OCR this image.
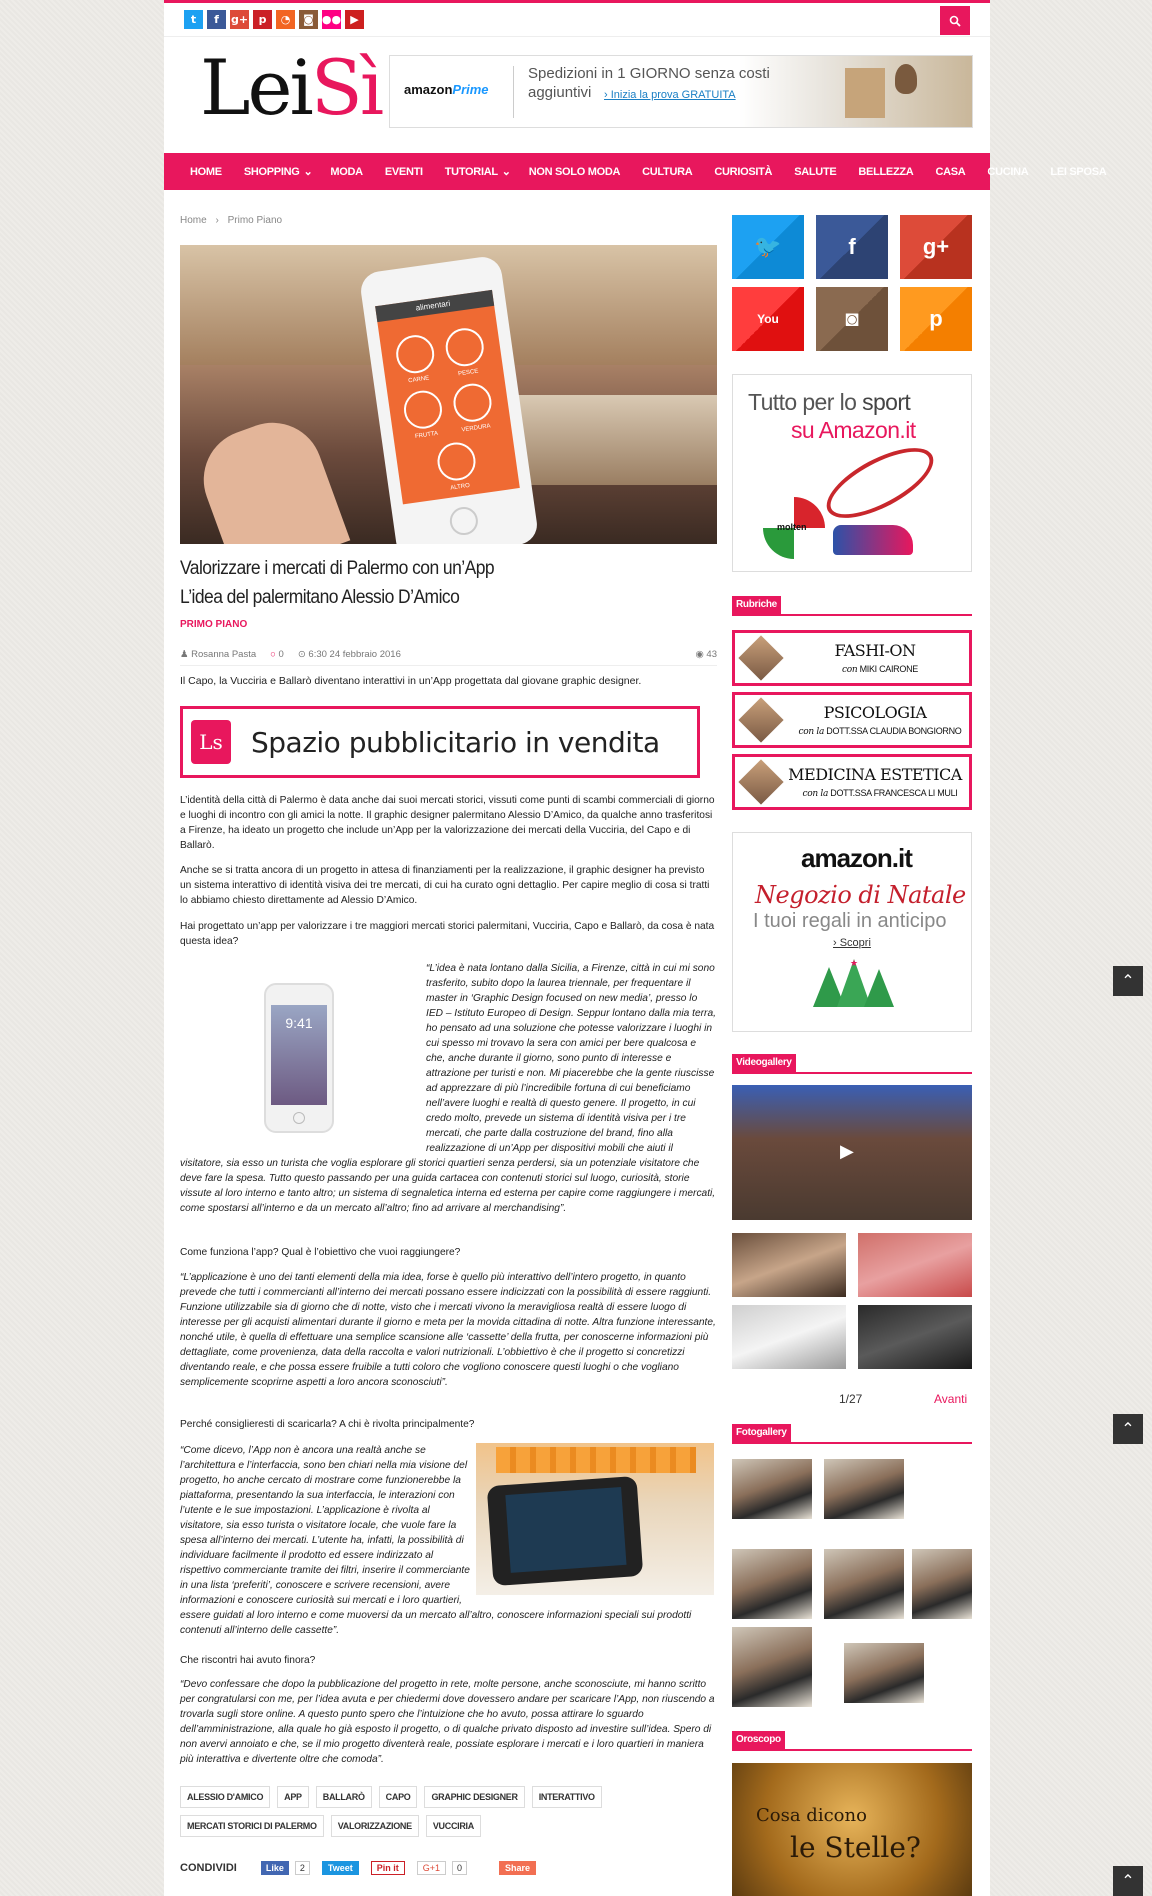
t	f	g+ p	◔	◙ ●● ▶
LeiSì amazonPrime
Spedizioni in 1 GIORNO senza costi
aggiuntivi › Inizia la prova GRATUITA
HOME SHOPPING ⌄ MODA EVENTI TUTORIAL ⌄ NON SOLO MODA CULTURA CURIOSITÀ SALUTE BELLEZZA CASA CUCINA LEI SPOSA
Home › Primo Piano
alimentari
CARNE
PESCE
FRUTTA
VERDURA
ALTRO
Valorizzare i mercati di Palermo con un’App
L’idea del palermitano Alessio D’Amico
PRIMO PIANO
♟ Rosanna Pasta ○ 0 ⊙ 6:30 24 febbraio 2016	◉ 43
Il Capo, la Vucciria e Ballarò diventano interattivi in un’App progettata dal giovane graphic designer.
Ls Spazio pubblicitario in vendita
L’identità della città di Palermo è data anche dai suoi mercati storici, vissuti come punti di scambi commerciali di giorno e luoghi di incontro con gli amici la notte. Il graphic designer palermitano Alessio D’Amico, da qualche anno trasferitosi a Firenze, ha ideato un progetto che include un’App per la valorizzazione dei mercati della Vucciria, del Capo e di Ballarò.
Anche se si tratta ancora di un progetto in attesa di finanziamenti per la realizzazione, il graphic designer ha previsto un sistema interattivo di identità visiva dei tre mercati, di cui ha curato ogni dettaglio. Per capire meglio di cosa si tratti lo abbiamo chiesto direttamente ad Alessio D’Amico.
Hai progettato un’app per valorizzare i tre maggiori mercati storici palermitani, Vucciria, Capo e Ballarò, da cosa è nata questa idea?
9:41
“L’idea è nata lontano dalla Sicilia, a Firenze, città in cui mi sono trasferito, subito dopo la laurea triennale, per frequentare il master in ‘Graphic Design focused on new media’, presso lo IED – Istituto Europeo di Design. Seppur lontano dalla mia terra, ho pensato ad una soluzione che potesse valorizzare i luoghi in cui spesso mi trovavo la sera con amici per bere qualcosa e che, anche durante il giorno, sono punto di interesse e attrazione per turisti e non. Mi piacerebbe che la gente riuscisse ad apprezzare di più l’incredibile fortuna di cui beneficiamo nell’avere luoghi e realtà di questo genere. Il progetto, in cui credo molto, prevede un sistema di identità visiva per i tre mercati, che parte dalla costruzione del brand, fino alla realizzazione di un’App per dispositivi mobili che aiuti il visitatore, sia esso un turista che voglia esplorare gli storici quartieri senza perdersi, sia un potenziale visitatore che deve fare la spesa. Tutto questo passando per una guida cartacea con contenuti storici sul luogo, curiosità, storie vissute al loro interno e tanto altro; un sistema di segnaletica interna ed esterna per capire come raggiungere i mercati, come spostarsi all’interno e da un mercato all’altro; fino ad arrivare al merchandising”.
Come funziona l’app? Qual è l’obiettivo che vuoi raggiungere?
“L’applicazione è uno dei tanti elementi della mia idea, forse è quello più interattivo dell’intero progetto, in quanto prevede che tutti i commercianti all’interno dei mercati possano essere indicizzati con la possibilità di essere raggiunti. Funzione utilizzabile sia di giorno che di notte, visto che i mercati vivono la meravigliosa realtà di essere luogo di interesse per gli acquisti alimentari durante il giorno e meta per la movida cittadina di notte. Altra funzione interessante, nonché utile, è quella di effettuare una semplice scansione alle ‘cassette’ della frutta, per conoscerne informazioni più dettagliate, come provenienza, data della raccolta e valori nutrizionali. L’obbiettivo è che il progetto si concretizzi diventando reale, e che possa essere fruibile a tutti coloro che vogliono conoscere questi luoghi o che vogliano semplicemente scoprirne aspetti a loro ancora sconosciuti”.
Perché consiglieresti di scaricarla? A chi è rivolta principalmente?
“Come dicevo, l’App non è ancora una realtà anche se l’architettura e l’interfaccia, sono ben chiari nella mia visione del progetto, ho anche cercato di mostrare come funzionerebbe la piattaforma, presentando la sua interfaccia, le interazioni con l’utente e le sue impostazioni. L’applicazione è rivolta al visitatore, sia esso turista o visitatore locale, che vuole fare la spesa all’interno dei mercati. L’utente ha, infatti, la possibilità di individuare facilmente il prodotto ed essere indirizzato al rispettivo commerciante tramite dei filtri, inserire il commerciante in una lista ‘preferiti’, conoscere e scrivere recensioni, avere informazioni e conoscere curiosità sui mercati e i loro quartieri, essere guidati al loro interno e come muoversi da un mercato all’altro, conoscere informazioni speciali sui prodotti contenuti all’interno delle cassette”.
Che riscontri hai avuto finora?
“Devo confessare che dopo la pubblicazione del progetto in rete, molte persone, anche sconosciute, mi hanno scritto per congratularsi con me, per l’idea avuta e per chiedermi dove dovessero andare per scaricare l’App, non riuscendo a trovarla sugli store online. A questo punto spero che l’intuizione che ho avuto, possa attirare lo sguardo dell’amministrazione, alla quale ho già esposto il progetto, o di qualche privato disposto ad investire sull’idea. Spero di non avervi annoiato e che, se il mio progetto diventerà reale, possiate esplorare i mercati e i loro quartieri in maniera più interattiva e divertente oltre che comoda”.
ALESSIO D'AMICO	APP	BALLARÒ	CAPO	GRAPHIC DESIGNER	INTERATTIVO
MERCATI STORICI DI PALERMO	VALORIZZAZIONE	VUCCIRIA
CONDIVIDI	Like	2	Tweet	Pin it	G+1	0	Share
🐦	f	g+
You	◙	p
Tutto per lo sport
su Amazon.it
molten
Rubriche
FASHI-ON
con MIKI CAIRONE
PSICOLOGIA
con la DOTT.SSA CLAUDIA BONGIORNO
MEDICINA ESTETICA
con la DOTT.SSA FRANCESCA LI MULI
amazon.it
Negozio di Natale
I tuoi regali in anticipo
› Scopri
★
Videogallery
▶
1/27	Avanti
Fotogallery
Oroscopo
Cosa dicono
le Stelle?
⌃
⌃
⌃
